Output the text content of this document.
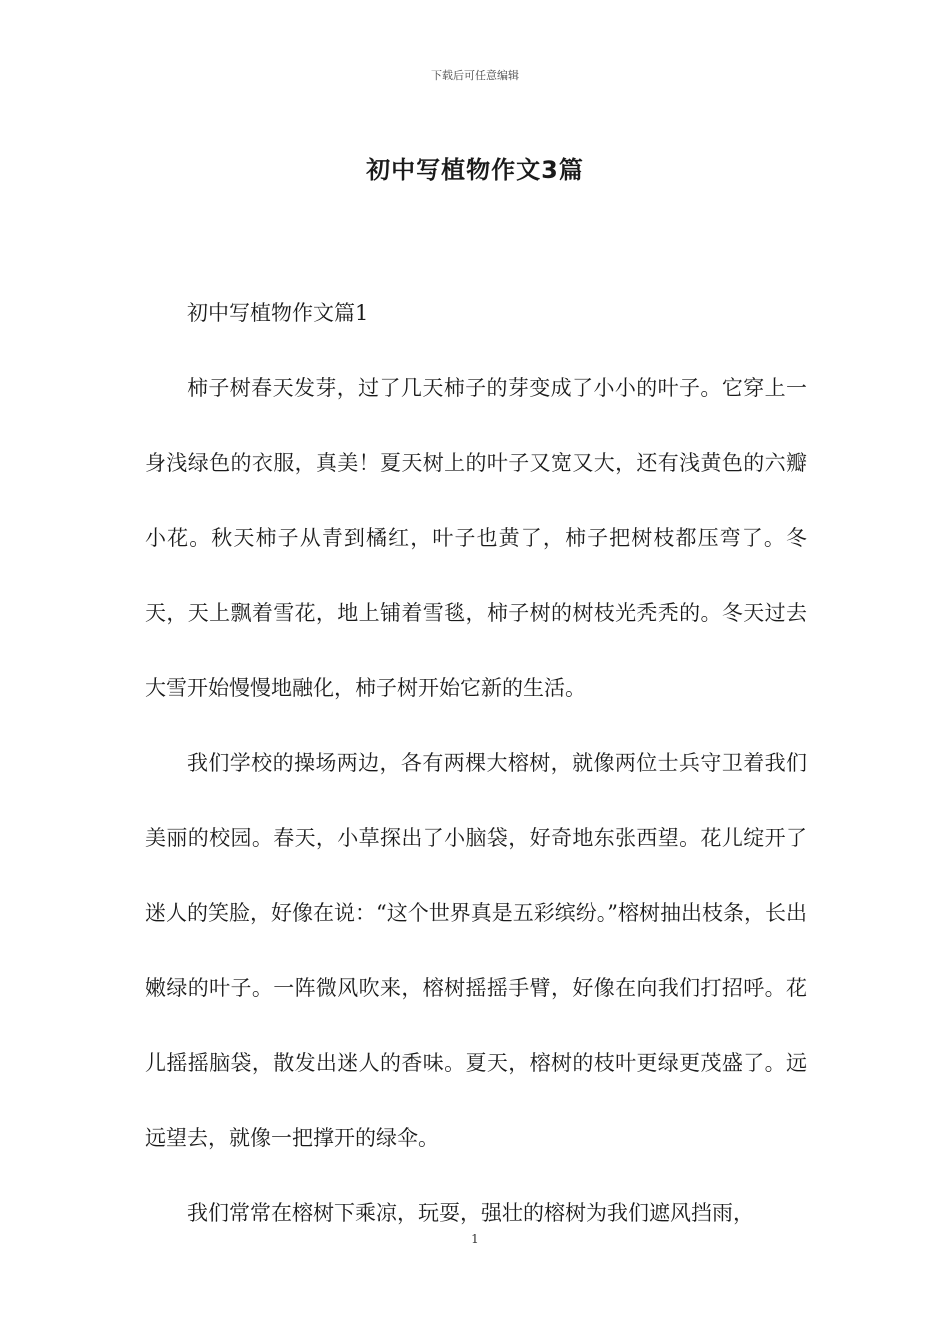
下载后可任意编辑
初中写植物作文3篇

初中写植物作文篇1

柿子树春天发芽，过了几天柿子的芽变成了小小的叶子。它穿上一身浅绿色的衣服，真美！夏天树上的叶子又宽又大，还有浅黄色的六瓣小花。秋天柿子从青到橘红，叶子也黄了，柿子把树枝都压弯了。冬天，天上飘着雪花，地上铺着雪毯，柿子树的树枝光秃秃的。冬天过去大雪开始慢慢地融化，柿子树开始它新的生活。

我们学校的操场两边，各有两棵大榕树，就像两位士兵守卫着我们美丽的校园。春天，小草探出了小脑袋，好奇地东张西望。花儿绽开了迷人的笑脸，好像在说：“这个世界真是五彩缤纷。”榕树抽出枝条，长出嫩绿的叶子。一阵微风吹来，榕树摇摇手臂，好像在向我们打招呼。花儿摇摇脑袋，散发出迷人的香味。夏天，榕树的枝叶更绿更茂盛了。远远望去，就像一把撑开的绿伞。

我们常常在榕树下乘凉，玩耍，强壮的榕树为我们遮风挡雨，

1
